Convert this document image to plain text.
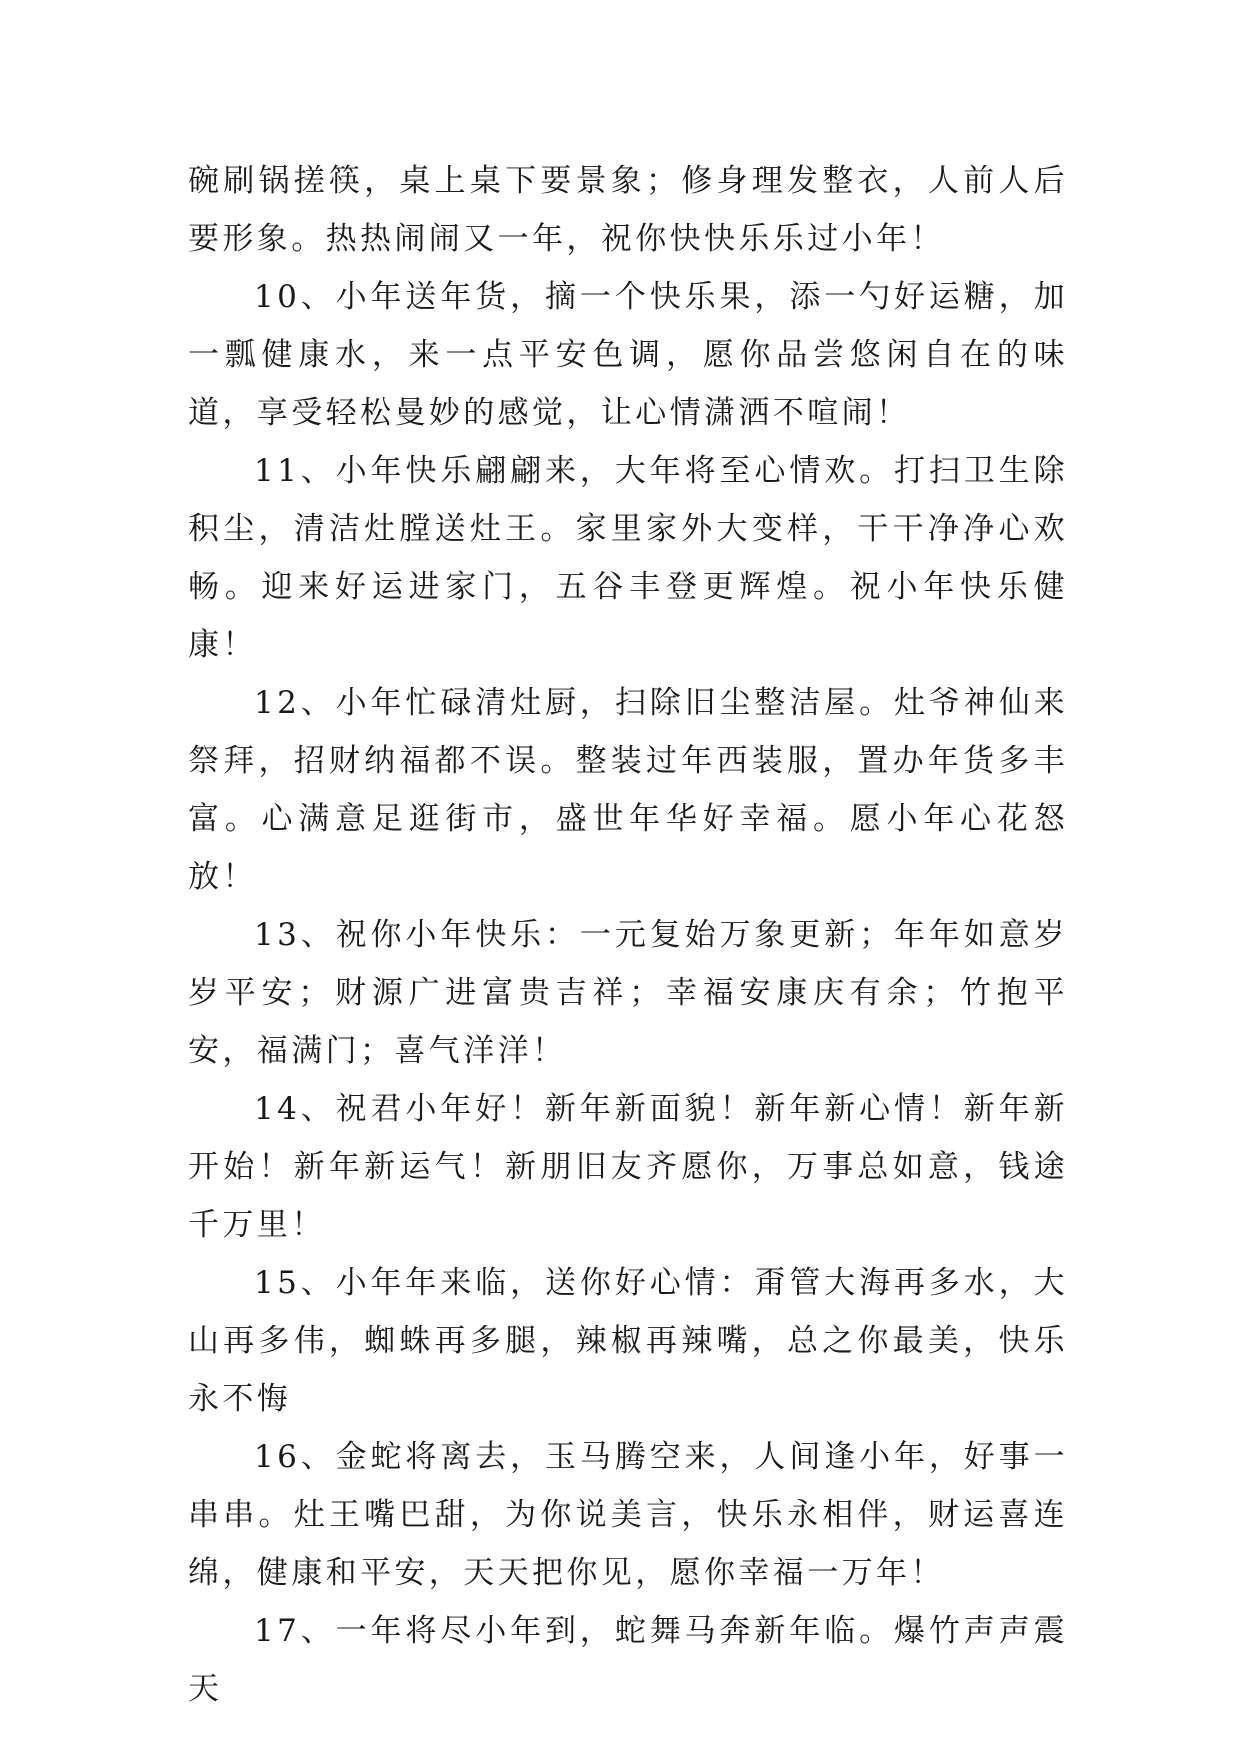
碗刷锅搓筷，桌上桌下要景象；修身理发整衣，人前人后要形象。热热闹闹又一年，祝你快快乐乐过小年！

10、小年送年货，摘一个快乐果，添一勺好运糖，加一瓢健康水，来一点平安色调，愿你品尝悠闲自在的味道，享受轻松曼妙的感觉，让心情潇洒不喧闹！

11、小年快乐翩翩来，大年将至心情欢。打扫卫生除积尘，清洁灶膛送灶王。家里家外大变样，干干净净心欢畅。迎来好运进家门，五谷丰登更辉煌。祝小年快乐健康！

12、小年忙碌清灶厨，扫除旧尘整洁屋。灶爷神仙来祭拜，招财纳福都不误。整装过年西装服，置办年货多丰富。心满意足逛街市，盛世年华好幸福。愿小年心花怒放！

13、祝你小年快乐：一元复始万象更新；年年如意岁岁平安；财源广进富贵吉祥；幸福安康庆有余；竹抱平安，福满门；喜气洋洋！

14、祝君小年好！新年新面貌！新年新心情！新年新开始！新年新运气！新朋旧友齐愿你，万事总如意，钱途千万里！

15、小年年来临，送你好心情：甭管大海再多水，大山再多伟，蜘蛛再多腿，辣椒再辣嘴，总之你最美，快乐永不悔

16、金蛇将离去，玉马腾空来，人间逢小年，好事一串串。灶王嘴巴甜，为你说美言，快乐永相伴，财运喜连绵，健康和平安，天天把你见，愿你幸福一万年！

17、一年将尽小年到，蛇舞马奔新年临。爆竹声声震天
